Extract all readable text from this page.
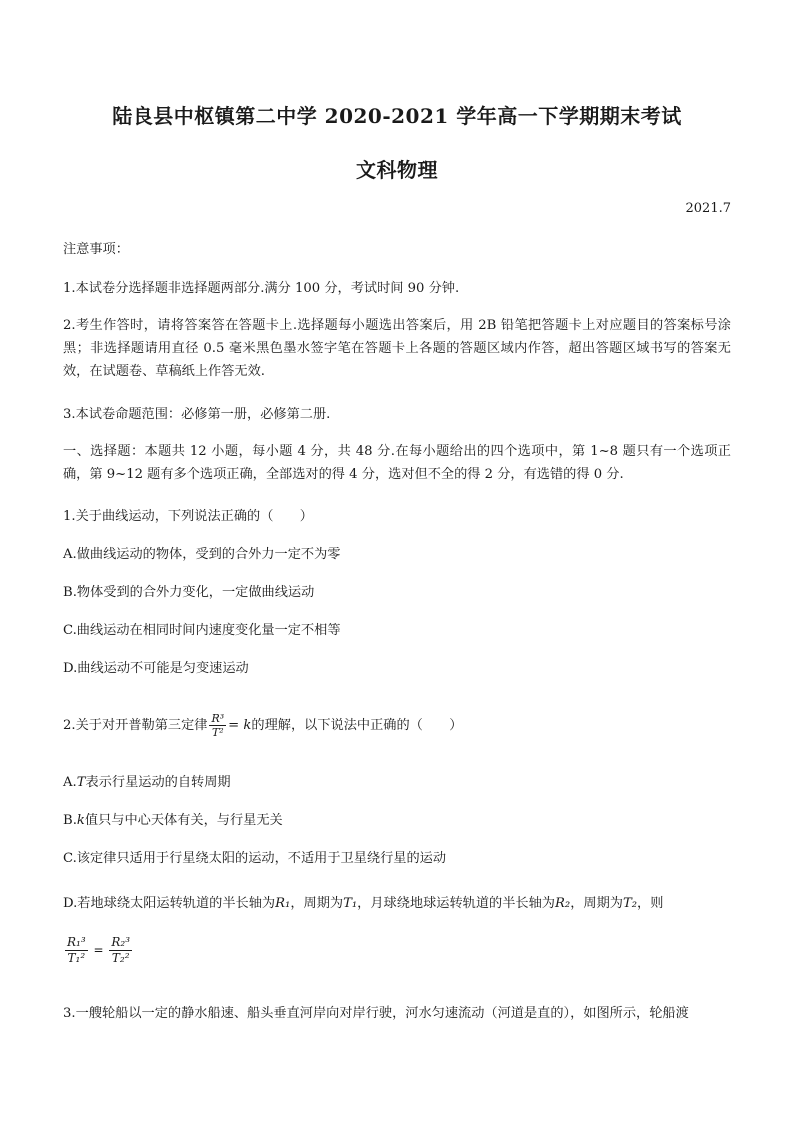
陆良县中枢镇第二中学 2020-2021 学年高一下学期期末考试
文科物理
2021.7
注意事项：
1.本试卷分选择题非选择题两部分.满分 100 分，考试时间 90 分钟.
2.考生作答时，请将答案答在答题卡上.选择题每小题选出答案后，用 2B 铅笔把答题卡上对应题目的答案标号涂黑；非选择题请用直径 0.5 毫米黑色墨水签字笔在答题卡上各题的答题区域内作答，超出答题区域书写的答案无效，在试题卷、草稿纸上作答无效.
3.本试卷命题范围：必修第一册，必修第二册.
一、选择题：本题共 12 小题，每小题 4 分，共 48 分.在每小题给出的四个选项中，第 1~8 题只有一个选项正确，第 9~12 题有多个选项正确，全部选对的得 4 分，选对但不全的得 2 分，有选错的得 0 分.
1.关于曲线运动，下列说法正确的（　　）
A.做曲线运动的物体，受到的合外力一定不为零
B.物体受到的合外力变化，一定做曲线运动
C.曲线运动在相同时间内速度变化量一定不相等
D.曲线运动不可能是匀变速运动
2.关于对开普勒第三定律 $\frac{\text{R³}}{\text{T²}} = k$的理解，以下说法中正确的（　　）
A.T表示行星运动的自转周期
B.k值只与中心天体有关，与行星无关
C.该定律只适用于行星绕太阳的运动，不适用于卫星绕行星的运动
D.若地球绕太阳运转轨道的半长轴为R₁，周期为T₁，月球绕地球运转轨道的半长轴为R₂，周期为T₂，则
$\frac{\text{R₁³}}{\text{T₁²}} = \frac{\text{R₂³}}{\text{T₂²}}$
3.一艘轮船以一定的静水船速、船头垂直河岸向对岸行驶，河水匀速流动（河道是直的），如图所示，轮船渡
